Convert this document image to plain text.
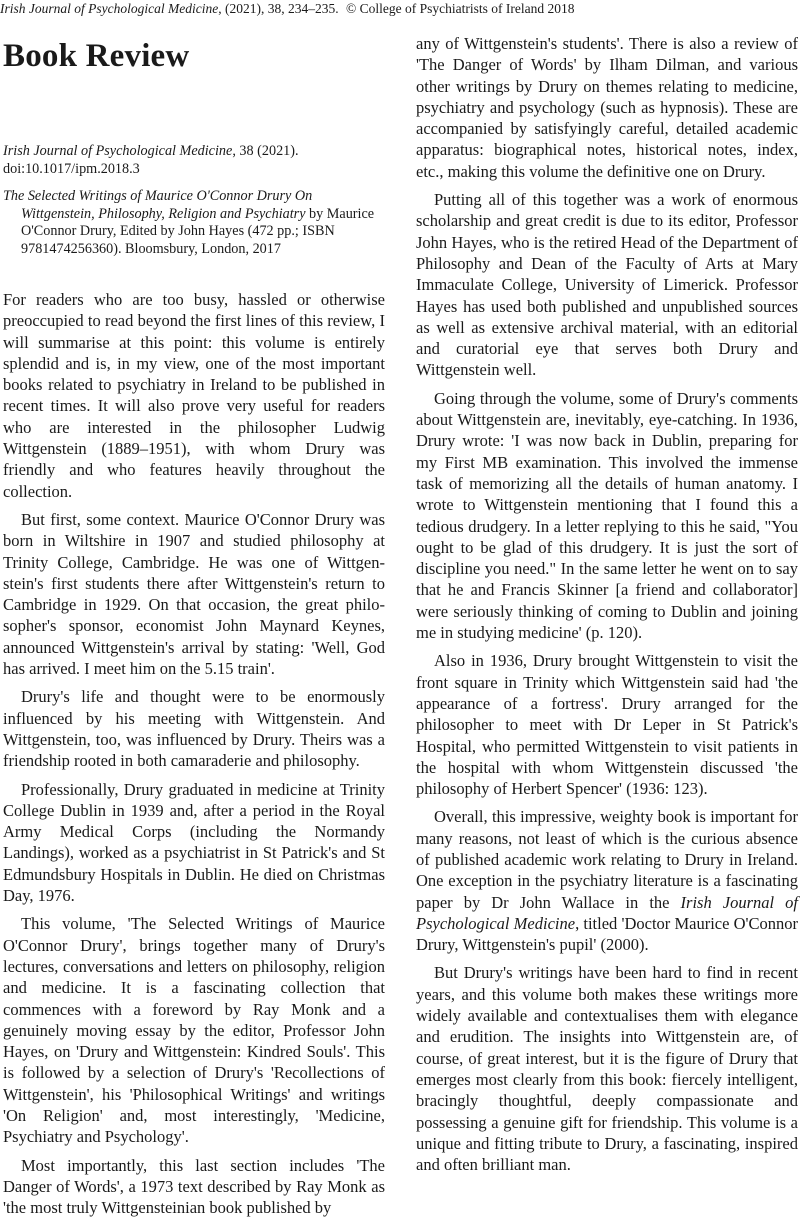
Irish Journal of Psychological Medicine, (2021), 38, 234–235. © College of Psychiatrists of Ireland 2018
Book Review
Irish Journal of Psychological Medicine, 38 (2021).
doi:10.1017/ipm.2018.3
The Selected Writings of Maurice O'Connor Drury On Wittgenstein, Philosophy, Religion and Psychiatry by Maurice O'Connor Drury, Edited by John Hayes (472 pp.; ISBN 9781474256360). Bloomsbury, London, 2017

For readers who are too busy, hassled or otherwise preoccupied to read beyond the first lines of this review, I will summarise at this point: this volume is entirely splendid and is, in my view, one of the most important books related to psychiatry in Ireland to be published in recent times. It will also prove very useful for readers who are interested in the philosopher Ludwig Wittgenstein (1889–1951), with whom Drury was friendly and who features heavily throughout the collection.

But first, some context. Maurice O'Connor Drury was born in Wiltshire in 1907 and studied philosophy at Trinity College, Cambridge. He was one of Wittgenstein's first students there after Wittgenstein's return to Cambridge in 1929. On that occasion, the great philosopher's sponsor, economist John Maynard Keynes, announced Wittgenstein's arrival by stating: 'Well, God has arrived. I meet him on the 5.15 train'.

Drury's life and thought were to be enormously influenced by his meeting with Wittgenstein. And Wittgenstein, too, was influenced by Drury. Theirs was a friendship rooted in both camaraderie and philosophy.

Professionally, Drury graduated in medicine at Trinity College Dublin in 1939 and, after a period in the Royal Army Medical Corps (including the Normandy Landings), worked as a psychiatrist in St Patrick's and St Edmundsbury Hospitals in Dublin. He died on Christmas Day, 1976.

This volume, 'The Selected Writings of Maurice O'Connor Drury', brings together many of Drury's lectures, conversations and letters on philosophy, religion and medicine. It is a fascinating collection that commences with a foreword by Ray Monk and a genuinely moving essay by the editor, Professor John Hayes, on 'Drury and Wittgenstein: Kindred Souls'. This is followed by a selection of Drury's 'Recollections of Wittgenstein', his 'Philosophical Writings' and writings 'On Religion' and, most interestingly, 'Medicine, Psychiatry and Psychology'.

Most importantly, this last section includes 'The Danger of Words', a 1973 text described by Ray Monk as 'the most truly Wittgensteinian book published by

any of Wittgenstein's students'. There is also a review of 'The Danger of Words' by Ilham Dilman, and various other writings by Drury on themes relating to medicine, psychiatry and psychology (such as hypnosis). These are accompanied by satisfyingly careful, detailed academic apparatus: biographical notes, historical notes, index, etc., making this volume the definitive one on Drury.

Putting all of this together was a work of enormous scholarship and great credit is due to its editor, Professor John Hayes, who is the retired Head of the Department of Philosophy and Dean of the Faculty of Arts at Mary Immaculate College, University of Limerick. Professor Hayes has used both published and unpublished sources as well as extensive archival material, with an editorial and curatorial eye that serves both Drury and Wittgenstein well.

Going through the volume, some of Drury's comments about Wittgenstein are, inevitably, eye-catching. In 1936, Drury wrote: 'I was now back in Dublin, preparing for my First MB examination. This involved the immense task of memorizing all the details of human anatomy. I wrote to Wittgenstein mentioning that I found this a tedious drudgery. In a letter replying to this he said, "You ought to be glad of this drudgery. It is just the sort of discipline you need." In the same letter he went on to say that he and Francis Skinner [a friend and collaborator] were seriously thinking of coming to Dublin and joining me in studying medicine' (p. 120).

Also in 1936, Drury brought Wittgenstein to visit the front square in Trinity which Wittgenstein said had 'the appearance of a fortress'. Drury arranged for the philosopher to meet with Dr Leper in St Patrick's Hospital, who permitted Wittgenstein to visit patients in the hospital with whom Wittgenstein discussed 'the philosophy of Herbert Spencer' (1936: 123).

Overall, this impressive, weighty book is important for many reasons, not least of which is the curious absence of published academic work relating to Drury in Ireland. One exception in the psychiatry literature is a fascinating paper by Dr John Wallace in the Irish Journal of Psychological Medicine, titled 'Doctor Maurice O'Connor Drury, Wittgenstein's pupil' (2000).

But Drury's writings have been hard to find in recent years, and this volume both makes these writings more widely available and contextualises them with elegance and erudition. The insights into Wittgenstein are, of course, of great interest, but it is the figure of Drury that emerges most clearly from this book: fiercely intelligent, bracingly thoughtful, deeply compassionate and possessing a genuine gift for friendship. This volume is a unique and fitting tribute to Drury, a fascinating, inspired and often brilliant man.
